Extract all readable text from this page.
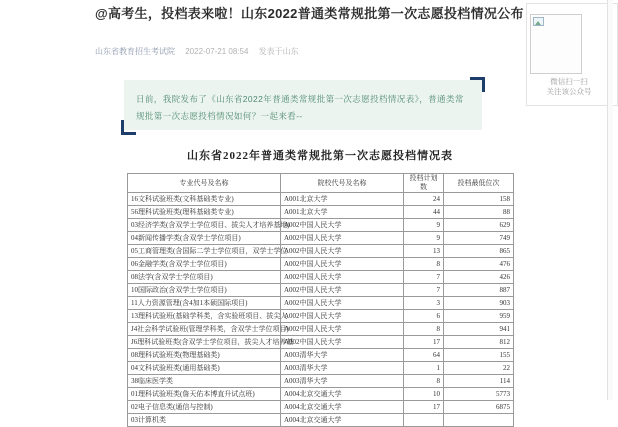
@高考生，投档表来啦！山东2022普通类常规批第一次志愿投档情况公布
山东省教育招生考试院 2022-07-21 08:54 发表于山东
日前，我院发布了《山东省2022年普通类常规批第一次志愿投档情况表》，普通类常规批第一次志愿投档情况如何？一起来看--
山东省2022年普通类常规批第一次志愿投档情况表
专业代号及名称	院校代号及名称	投档计划数	投档最低位次
16文科试验班类(文科基础类专业)	A001北京大学	24	158
56理科试验班类(理科基础类专业)	A001北京大学	44	88
03经济学类(含双学士学位项目、拔尖人才培养基地)	A002中国人民大学	9	629
04新闻传播学类(含双学士学位项目)	A002中国人民大学	9	749
05工商管理类(含国际二学士学位项目，双学士学位	A002中国人民大学	13	865
06金融学类(含双学士学位项目)	A002中国人民大学	8	476
08法学(含双学士学位项目)	A002中国人民大学	7	426
10国际政治(含双学士学位项目)	A002中国人民大学	7	887
11人力资源管理(含4加1本硕国际项目)	A002中国人民大学	3	903
13理科试验班(基础学科类，含实验班项目、拔尖人	A002中国人民大学	6	959
J4社会科学试验班(管理学科类，含双学士学位项目)	A002中国人民大学	8	941
J6理科试验班类(含双学士学位项目，拔尖人才培养基	A002中国人民大学	17	812
08理科试验班类(物理基础类)	A003清华大学	64	155
04文科试验班类(通用基础类)	A003清华大学	1	22
38临床医学类	A003清华大学	8	114
01理科试验班类(詹天佑本博直升试点班)	A004北京交通大学	10	5773
02电子信息类(通信与控制)	A004北京交通大学	17	6875
03计算机类	A004北京交通大学		
微信扫一扫
关注该公众号
